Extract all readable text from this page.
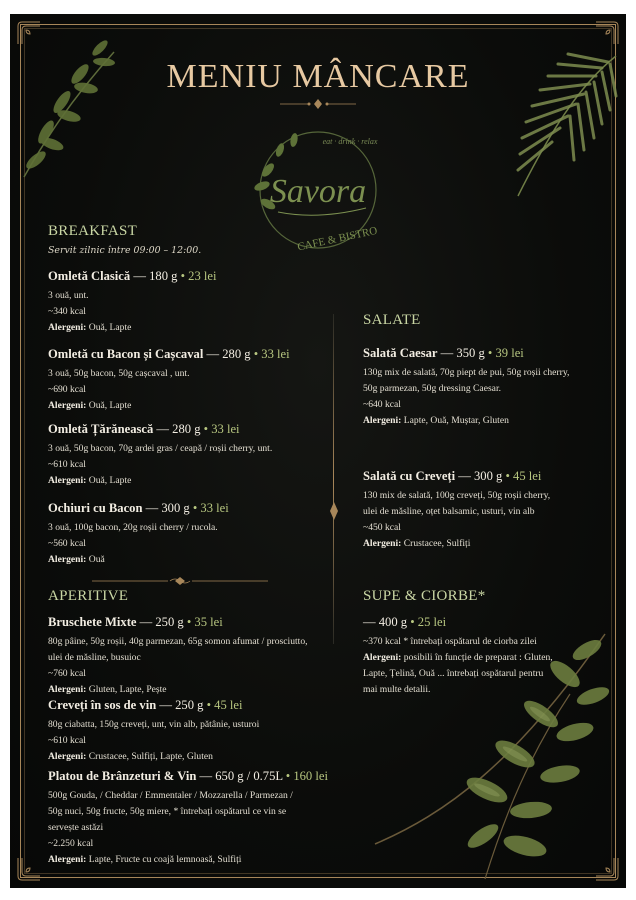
MENIU MÂNCARE
eat · drink · relax
Savora
CAFE & BISTRO
BREAKFAST
Servit zilnic între 09:00 – 12:00.
Omletă Clasică — 180 g • 23 lei
3 ouă, unt.
~340 kcal
Alergeni: Ouă, Lapte
Omletă cu Bacon și Cașcaval — 280 g • 33 lei
3 ouă, 50g bacon, 50g cașcaval , unt.
~690 kcal
Alergeni: Ouă, Lapte
Omletă Țărănească — 280 g • 33 lei
3 ouă, 50g bacon, 70g ardei gras / ceapă / roșii cherry, unt.
~610 kcal
Alergeni: Ouă, Lapte
Ochiuri cu Bacon — 300 g • 33 lei
3 ouă, 100g bacon, 20g roșii cherry / rucola.
~560 kcal
Alergeni: Ouă
APERITIVE
Bruschete Mixte — 250 g • 35 lei
80g pâine, 50g roșii, 40g parmezan, 65g somon afumat / prosciutto,
ulei de măsline, busuioc
~760 kcal
Alergeni: Gluten, Lapte, Pește
Creveți în sos de vin — 250 g • 45 lei
80g ciabatta, 150g creveți, unt, vin alb, pătânie, usturoi
~610 kcal
Alergeni: Crustacee, Sulfiți, Lapte, Gluten
Platou de Brânzeturi & Vin — 650 g / 0.75L • 160 lei
500g Gouda, / Cheddar / Emmentaler / Mozzarella / Parmezan /
50g nuci, 50g fructe, 50g miere, * întrebați ospătarul ce vin se
servește astăzi
~2.250 kcal
Alergeni: Lapte, Fructe cu coajă lemnoasă, Sulfiți
SALATE
Salată Caesar — 350 g • 39 lei
130g mix de salată, 70g piept de pui, 50g roșii cherry,
50g parmezan, 50g dressing Caesar.
~640 kcal
Alergeni: Lapte, Ouă, Muștar, Gluten
Salată cu Creveți — 300 g • 45 lei
130 mix de salată, 100g creveți, 50g roșii cherry,
ulei de măsline, oțet balsamic, usturi, vin alb
~450 kcal
Alergeni: Crustacee, Sulfiți
SUPE & CIORBE*
— 400 g • 25 lei
~370 kcal * întrebați ospătarul de ciorba zilei
Alergeni: posibili în funcție de preparat : Gluten,
Lapte, Țelină, Ouă ... întrebați ospătarul pentru
mai multe detalii.
